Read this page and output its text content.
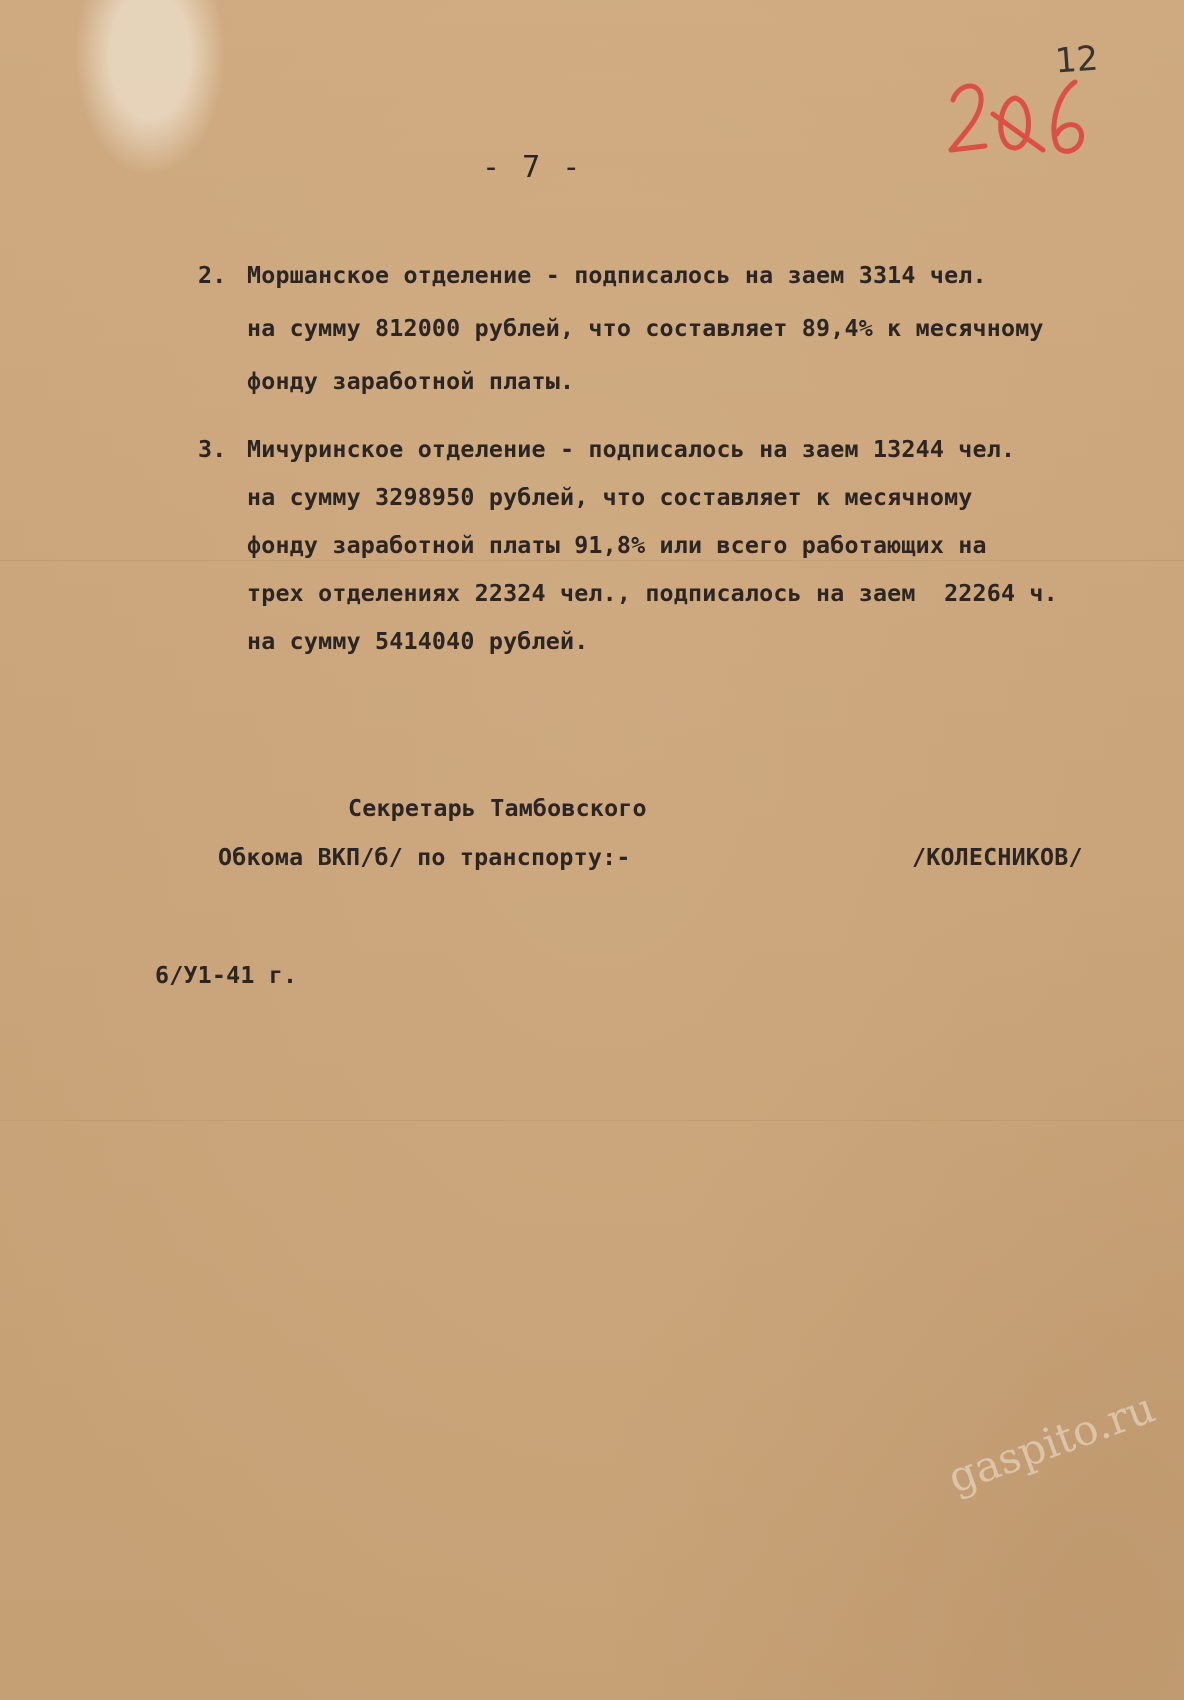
- 7 -
12
2. Моршанское отделение - подписалось на заем 3314 чел.
на сумму 812000 рублей, что составляет 89,4% к месячному
фонду заработной платы.
3. Мичуринское отделение - подписалось на заем 13244 чел.
на сумму 3298950 рублей, что составляет к месячному
фонду заработной платы 91,8% или всего работающих на
трех отделениях 22324 чел., подписалось на заем  22264 ч.
на сумму 5414040 рублей.
Секретарь Тамбовского
Обкома ВКП/б/ по транспорту:-	/КОЛЕСНИКОВ/
6/У1-41 г.
gaspito.ru
